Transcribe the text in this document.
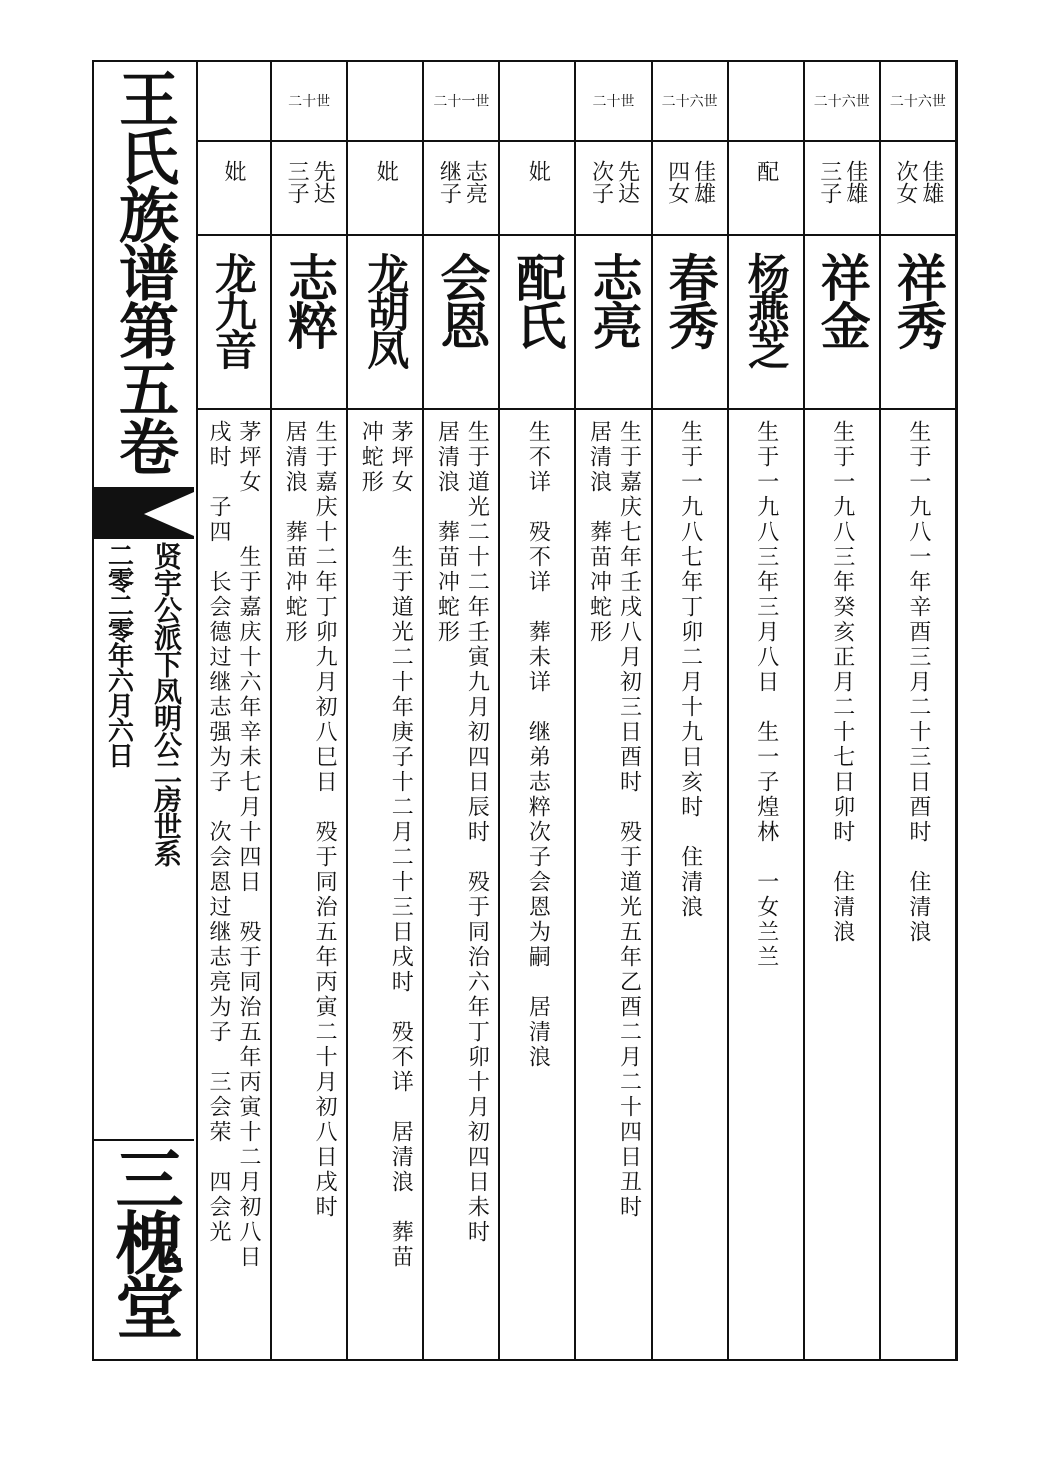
王氏族谱第五卷
贤宇公派下凤明公二房世系
二零二零年六月六日
三槐堂
妣
龙九音
茅坪女　　生于嘉庆十六年辛未七月十四日　殁于同治五年丙寅十二月初八日
戌时　子四　长会德过继志强为子　次会恩过继志亮为子　三会荣　四会光
二十世
先达三子
志粹
生于嘉庆十二年丁卯九月初八巳日　殁于同治五年丙寅二十月初八日戌时
居清浪　葬苗冲蛇形
妣
龙胡凤
茅坪女　　生于道光二十年庚子十二月二十三日戌时　殁不详　居清浪　葬苗
冲蛇形
二十一世
志亮继子
会恩
生于道光二十二年壬寅九月初四日辰时　殁于同治六年丁卯十月初四日未时
居清浪　葬苗冲蛇形
妣
配氏
生不详　殁不详　葬未详　继弟志粹次子会恩为嗣　居清浪
二十世
先达次子
志亮
生于嘉庆七年壬戌八月初三日酉时　殁于道光五年乙酉二月二十四日丑时
居清浪　葬苗冲蛇形
二十六世
佳雄四女
春秀
生于一九八七年丁卯二月十九日亥时　住清浪
配
杨燕芝
生于一九八三年三月八日　生一子煌林　一女兰兰
二十六世
佳雄三子
祥金
生于一九八三年癸亥正月二十七日卯时　住清浪
二十六世
佳雄次女
祥秀
生于一九八一年辛酉三月二十三日酉时　住清浪
